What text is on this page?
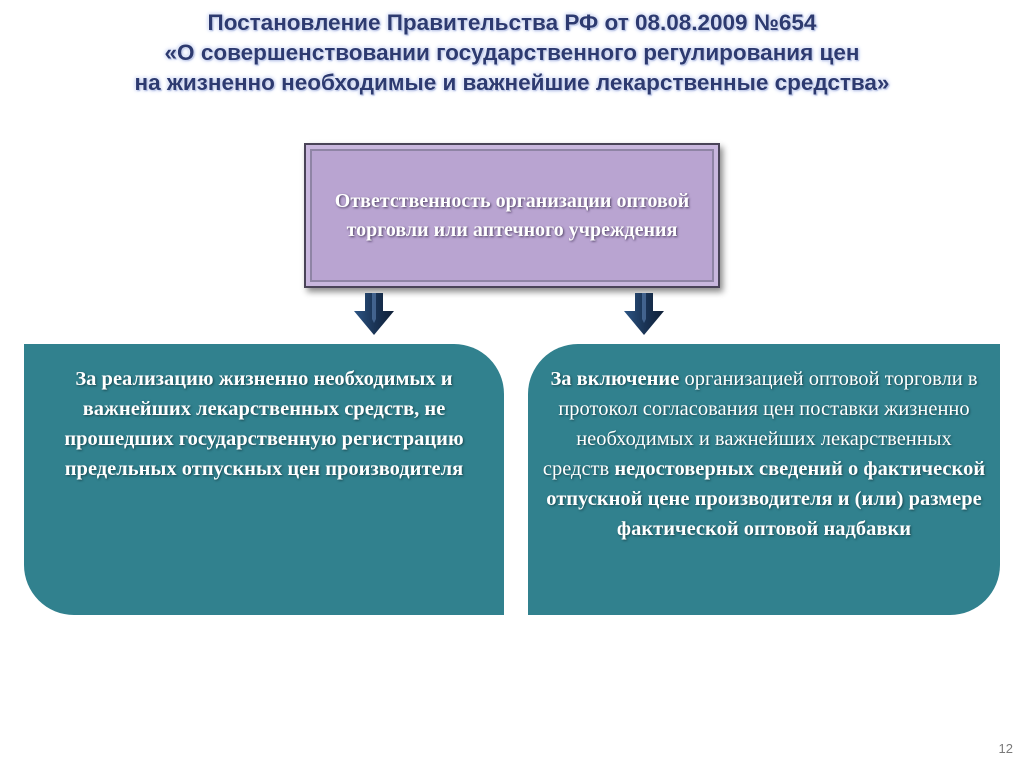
Постановление Правительства РФ от 08.08.2009 №654
«О совершенствовании государственного регулирования цен
на жизненно необходимые и важнейшие лекарственные средства»
Ответственность организации оптовой торговли или аптечного учреждения
За реализацию жизненно необходимых и важнейших лекарственных средств, не прошедших государственную регистрацию предельных отпускных цен производителя
За включение организацией оптовой торговли в протокол согласования цен поставки жизненно необходимых и важнейших лекарственных средств недостоверных сведений о фактической отпускной цене производителя и (или) размере фактической оптовой надбавки
12
